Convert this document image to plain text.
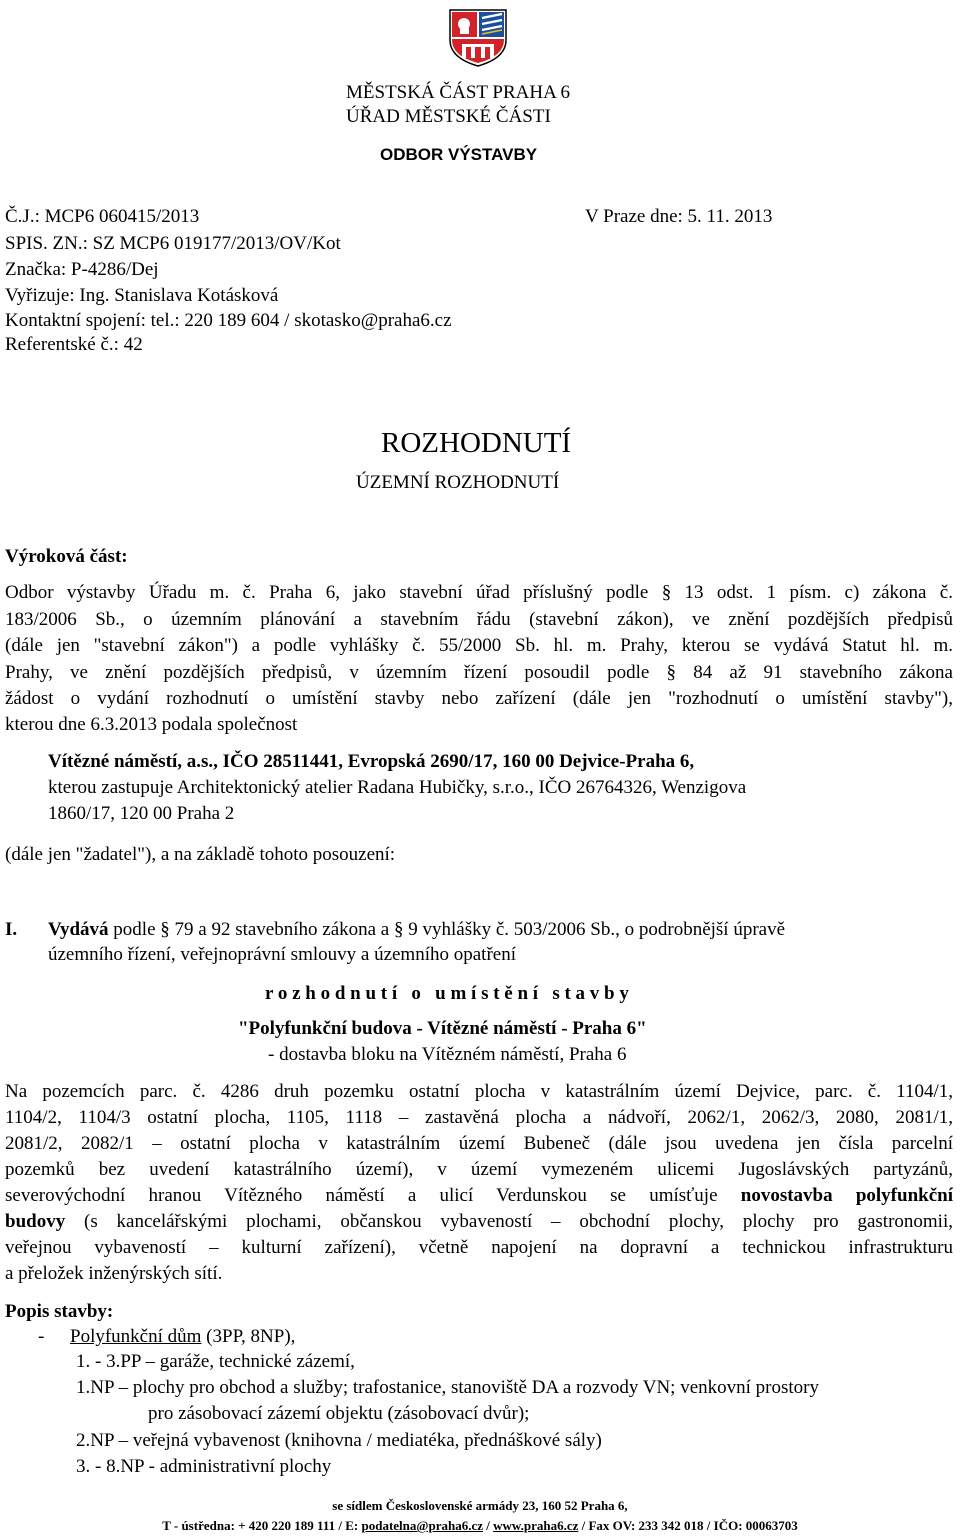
MĚSTSKÁ ČÁST PRAHA 6
ÚŘAD MĚSTSKÉ ČÁSTI
ODBOR VÝSTAVBY
Č.J.: MCP6 060415/2013	V Praze dne: 5. 11. 2013
SPIS. ZN.: SZ MCP6 019177/2013/OV/Kot
Značka: P-4286/Dej
Vyřizuje: Ing. Stanislava Kotásková
Kontaktní spojení: tel.: 220 189 604 / skotasko@praha6.cz
Referentské č.: 42
ROZHODNUTÍ
ÚZEMNÍ ROZHODNUTÍ
Výroková část:
Odbor výstavby Úřadu m. č. Praha 6, jako stavební úřad příslušný podle § 13 odst. 1 písm. c) zákona č.
183/2006 Sb., o územním plánování a stavebním řádu (stavební zákon), ve znění pozdějších předpisů
(dále jen "stavební zákon") a podle vyhlášky č. 55/2000 Sb. hl. m. Prahy, kterou se vydává Statut hl. m.
Prahy, ve znění pozdějších předpisů, v územním řízení posoudil podle § 84 až 91 stavebního zákona
žádost o vydání rozhodnutí o umístění stavby nebo zařízení (dále jen "rozhodnutí o umístění stavby"),
kterou dne 6.3.2013 podala společnost
Vítězné náměstí, a.s., IČO 28511441, Evropská 2690/17, 160 00 Dejvice-Praha 6,
kterou zastupuje Architektonický atelier Radana Hubičky, s.r.o., IČO 26764326, Wenzigova
1860/17, 120 00 Praha 2
(dále jen "žadatel"), a na základě tohoto posouzení:
I. Vydává podle § 79 a 92 stavebního zákona a § 9 vyhlášky č. 503/2006 Sb., o podrobnější úpravě
územního řízení, veřejnoprávní smlouvy a územního opatření
r o z h o d n u t í   o   u m í s t ě n í   s t a v b y
"Polyfunkční budova - Vítězné náměstí - Praha 6"
- dostavba bloku na Vítězném náměstí, Praha 6
Na pozemcích parc. č. 4286 druh pozemku ostatní plocha v katastrálním území Dejvice, parc. č. 1104/1,
1104/2, 1104/3 ostatní plocha, 1105, 1118 – zastavěná plocha a nádvoří, 2062/1, 2062/3, 2080, 2081/1,
2081/2, 2082/1 – ostatní plocha v katastrálním území Bubeneč (dále jsou uvedena jen čísla parcelní
pozemků bez uvedení katastrálního území), v území vymezeném ulicemi Jugoslávských partyzánů,
severovýchodní hranou Vítězného náměstí a ulicí Verdunskou se umísťuje novostavba polyfunkční
budovy (s kancelářskými plochami, občanskou vybaveností – obchodní plochy, plochy pro gastronomii,
veřejnou vybaveností – kulturní zařízení), včetně napojení na dopravní a technickou infrastrukturu
a přeložek inženýrských sítí.
Popis stavby:
- Polyfunkční dům (3PP, 8NP),
1. - 3.PP – garáže, technické zázemí,
1.NP – plochy pro obchod a služby; trafostanice, stanoviště DA a rozvody VN; venkovní prostory
pro zásobovací zázemí objektu (zásobovací dvůr);
2.NP – veřejná vybavenost (knihovna / mediatéka, přednáškové sály)
3. - 8.NP - administrativní plochy
se sídlem Československé armády 23, 160 52 Praha 6,
T - ústředna: + 420 220 189 111 / E: podatelna@praha6.cz / www.praha6.cz / Fax OV: 233 342 018 / IČO: 00063703
